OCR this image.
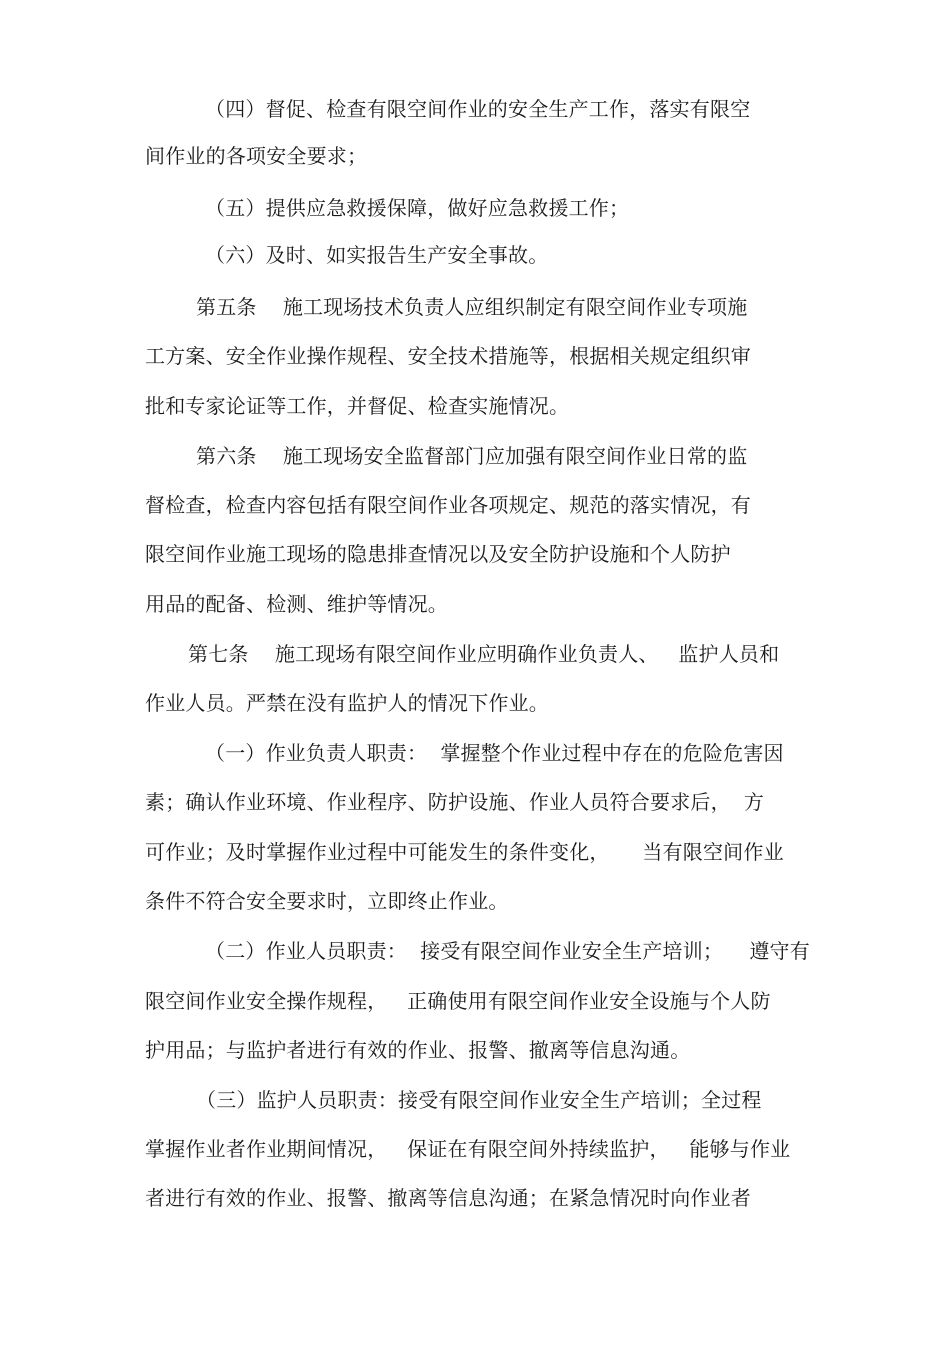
（四）督促、检查有限空间作业的安全生产工作，落实有限空
间作业的各项安全要求；
（五）提供应急救援保障，做好应急救援工作；
（六）及时、如实报告生产安全事故。
第五条    施工现场技术负责人应组织制定有限空间作业专项施
工方案、安全作业操作规程、安全技术措施等，根据相关规定组织审
批和专家论证等工作，并督促、检查实施情况。
第六条    施工现场安全监督部门应加强有限空间作业日常的监
督检查，检查内容包括有限空间作业各项规定、规范的落实情况，有
限空间作业施工现场的隐患排查情况以及安全防护设施和个人防护
用品的配备、检测、维护等情况。
第七条    施工现场有限空间作业应明确作业负责人、   监护人员和
作业人员。严禁在没有监护人的情况下作业。
（一）作业负责人职责：  掌握整个作业过程中存在的危险危害因
素；确认作业环境、作业程序、防护设施、作业人员符合要求后，  方
可作业；及时掌握作业过程中可能发生的条件变化，     当有限空间作业
条件不符合安全要求时，立即终止作业。
（二）作业人员职责：  接受有限空间作业安全生产培训；    遵守有
限空间作业安全操作规程，   正确使用有限空间作业安全设施与个人防
护用品；与监护者进行有效的作业、报警、撤离等信息沟通。
（三）监护人员职责：接受有限空间作业安全生产培训；全过程
掌握作业者作业期间情况，   保证在有限空间外持续监护，   能够与作业
者进行有效的作业、报警、撤离等信息沟通；在紧急情况时向作业者
